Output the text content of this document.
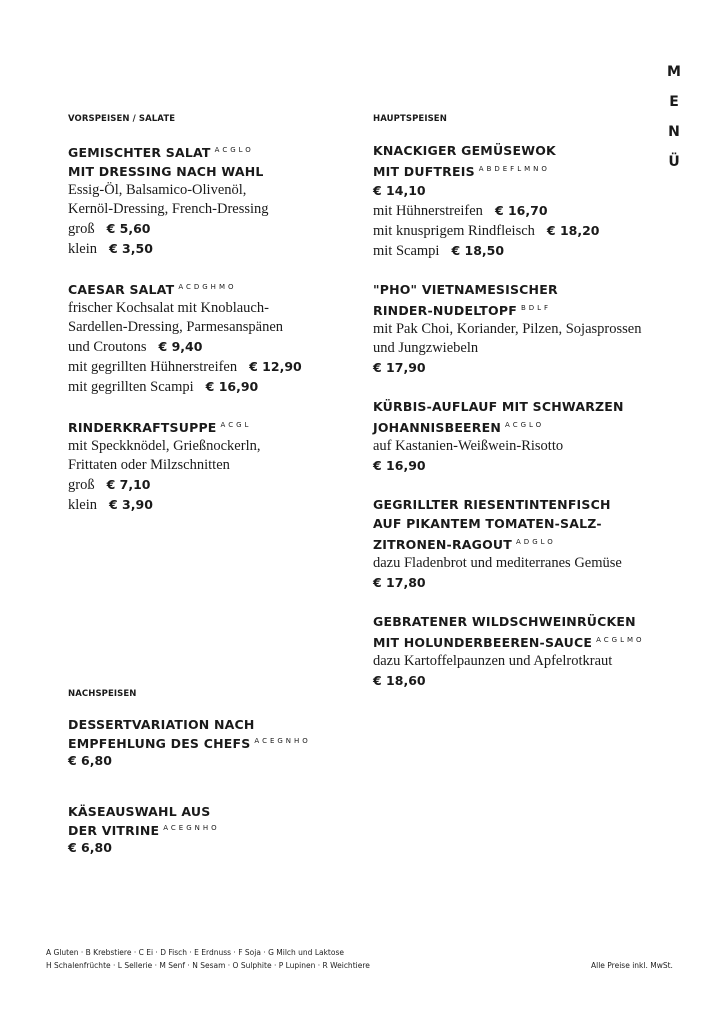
M
E
N
Ü
VORSPEISEN / SALATE
GEMISCHTER SALAT $^{ACGLO}$
MIT DRESSING NACH WAHL
Essig-Öl, Balsamico-Olivenöl,
Kernöl-Dressing, French-Dressing
groß € 5,60
klein € 3,50
CAESAR SALAT $^{ACDGHMO}$
frischer Kochsalat mit Knoblauch-
Sardellen-Dressing, Parmesanspänen
und Croutons € 9,40
mit gegrillten Hühnerstreifen € 12,90
mit gegrillten Scampi € 16,90
RINDERKRAFTSUPPE $^{ACGL}$
mit Speckknödel, Grießnockerln,
Frittaten oder Milzschnitten
groß € 7,10
klein € 3,90
HAUPTSPEISEN
KNACKIGER GEMÜSEWOK
MIT DUFTREIS $^{ABDEFLMNO}$
€ 14,10
mit Hühnerstreifen € 16,70
mit knusprigem Rindfleisch € 18,20
mit Scampi € 18,50
"PHO" VIETNAMESISCHER
RINDER-NUDELTOPF $^{BDLF}$
mit Pak Choi, Koriander, Pilzen, Sojasprossen
und Jungzwiebeln
€ 17,90
KÜRBIS-AUFLAUF MIT SCHWARZEN
JOHANNISBEEREN $^{ACGLO}$
auf Kastanien-Weißwein-Risotto
€ 16,90
GEGRILLTER RIESENTINTENFISCH
AUF PIKANTEM TOMATEN-SALZ-
ZITRONEN-RAGOUT $^{ADGLO}$
dazu Fladenbrot und mediterranes Gemüse
€ 17,80
GEBRATENER WILDSCHWEINRÜCKEN
MIT HOLUNDERBEEREN-SAUCE $^{ACGLMO}$
dazu Kartoffelpaunzen und Apfelrotkraut
€ 18,60
NACHSPEISEN
DESSERTVARIATION NACH
EMPFEHLUNG DES CHEFS $^{ACEGNHO}$
€ 6,80
KÄSEAUSWAHL AUS
DER VITRINE $^{ACEGNHO}$
€ 6,80
A Gluten · B Krebstiere · C Ei · D Fisch · E Erdnuss · F Soja · G Milch und Laktose
H Schalenfrüchte · L Sellerie · M Senf · N Sesam · O Sulphite · P Lupinen · R Weichtiere	Alle Preise inkl. MwSt.
